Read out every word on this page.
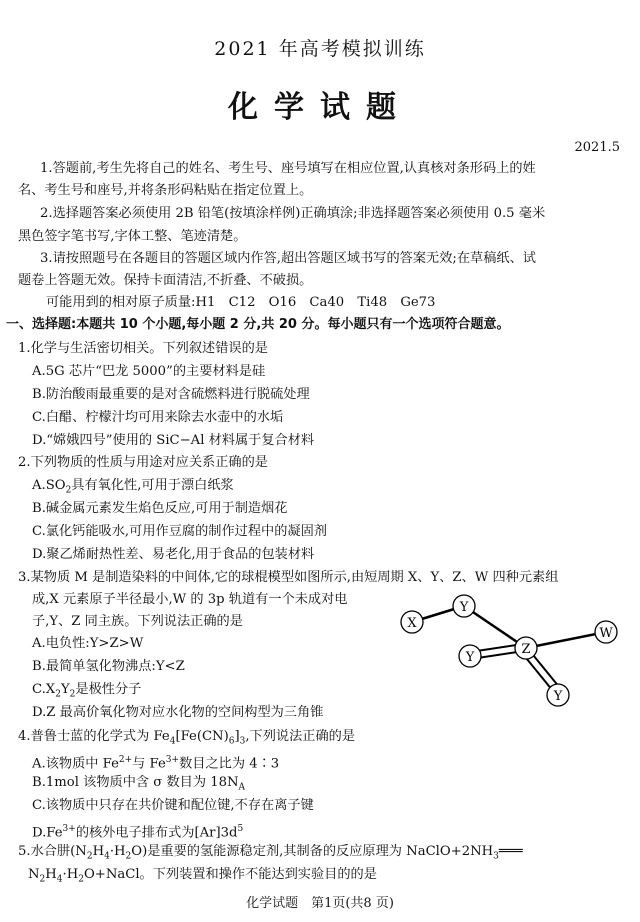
2021 年高考模拟训练
化学试题
2021.5
1.答题前,考生先将自己的姓名、考生号、座号填写在相应位置,认真核对条形码上的姓
名、考生号和座号,并将条形码粘贴在指定位置上。
2.选择题答案必须使用 2B 铅笔(按填涂样例)正确填涂;非选择题答案必须使用 0.5 毫米
黑色签字笔书写,字体工整、笔迹清楚。
3.请按照题号在各题目的答题区域内作答,超出答题区域书写的答案无效;在草稿纸、试
题卷上答题无效。保持卡面清洁,不折叠、不破损。
可能用到的相对原子质量:H1　C12　O16　Ca40　Ti48　Ge73
一、选择题:本题共 10 个小题,每小题 2 分,共 20 分。每小题只有一个选项符合题意。
1.化学与生活密切相关。下列叙述错误的是
A.5G 芯片“巴龙 5000”的主要材料是硅
B.防治酸雨最重要的是对含硫燃料进行脱硫处理
C.白醋、柠檬汁均可用来除去水壶中的水垢
D.“嫦娥四号”使用的 SiC−Al 材料属于复合材料
2.下列物质的性质与用途对应关系正确的是
$A.SO_2$具有氧化性,可用于漂白纸浆
B.碱金属元素发生焰色反应,可用于制造烟花
C.氯化钙能吸水,可用作豆腐的制作过程中的凝固剂
D.聚乙烯耐热性差、易老化,用于食品的包装材料
3.某物质 M 是制造染料的中间体,它的球棍模型如图所示,由短周期 X、Y、Z、W 四种元素组
成,X 元素原子半径最小,W 的 3p 轨道有一个未成对电
子,Y、Z 同主族。下列说法正确的是
A.电负性:Y>Z>W
B.最简单氢化物沸点:Y<Z
$C.X_2Y_2$是极性分子
D.Z 最高价氧化物对应水化物的空间构型为三角锥
X
Y
Z
W
Y
Y
4.普鲁士蓝的化学式为 $Fe_4[Fe(CN)_6]_3$,下列说法正确的是
A.该物质中 $Fe^{2+}$与 $Fe^{3+}$数目之比为 4∶3
B.1mol 该物质中含 σ 数目为 $18N_A$
C.该物质中只存在共价键和配位键,不存在离子键
$D.Fe^{3+}$的核外电子排布式为$[Ar]3d^5$
5.水合肼$(N_2H_4\cdot H_2O)$是重要的氢能源稳定剂,其制备的反应原理为 $NaClO+2NH_3═══$
$N_2H_4\cdot H_2O+NaCl$。下列装置和操作不能达到实验目的的是
化学试题　第1页(共8 页)
